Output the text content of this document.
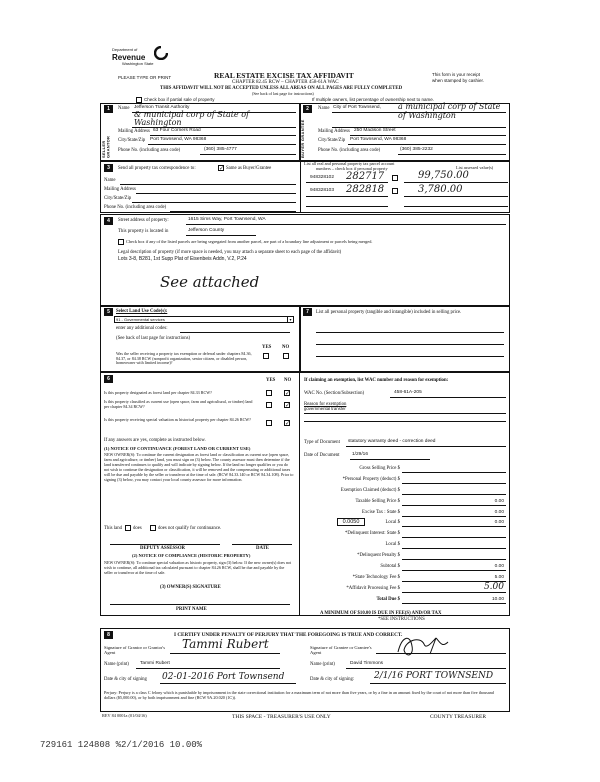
Department of
Revenue
Washington State
PLEASE TYPE OR PRINT	REAL ESTATE EXCISE TAX AFFIDAVIT
CHAPTER 82.45 RCW – CHAPTER 458-61A WAC
THIS AFFIDAVIT WILL NOT BE ACCEPTED UNLESS ALL AREAS ON ALL PAGES ARE FULLY COMPLETED
(See back of last page for instructions)
This form is your receipt
when stamped by cashier.
Check box if partial sale of property	If multiple owners, list percentage of ownership next to name.
1
SELLER GRANTOR
Name Jefferson Transit Authority
& municipal corp of State of Washington
Mailing Address 63 Four Corners Road
City/State/Zip Port Townsend, WA 98368
Phone No. (including area code)	(360) 385-4777
2
BUYER GRANTEE
Name City of Port Townsend, a municipal corp of State of Washington
Mailing Address 250 Madison Street
City/State/Zip Port Townsend, WA 98368
Phone No. (including area code)	(360) 385-2232
3	Send all property tax correspondence to:	✓ Same as Buyer/Grantee
Name
Mailing Address
City/State/Zip
Phone No. (including area code)
List all real and personal property tax parcel account
numbers – check box if personal property	List assessed value(s)
948328102 282717	99,750.00
948328103 282818	3,780.00
4	Street address of property:	1615 Sims Way, Port Townsend, WA
This property is located in	Jefferson County
Check box if any of the listed parcels are being segregated from another parcel, are part of a boundary line adjustment or parcels being merged.
Legal description of property (if more space is needed, you may attach a separate sheet to each page of the affidavit)
Lots 3-8, B281, 1st Supp Plat of Eisenbeis Addn, V.2, P.24
See attached
5	Select Land Use Code(s):
91 - Governmental services	▾
enter any additional codes:
(See back of last page for instructions)
YES NO
Was the seller receiving a property tax exemption or deferral under chapters 84.36, 84.37, or 84.38 RCW (nonprofit organization, senior citizen, or disabled person, homeowner with limited income)?
7	List all personal property (tangible and intangible) included in selling price.
6	YES NO
Is this property designated as forest land per chapter 84.33 RCW?	✓
Is this property classified as current use (open space, farm and agricultural, or timber) land per chapter 84.34 RCW?	✓
Is this property receiving special valuation as historical property per chapter 84.26 RCW?
✓
If any answers are yes, complete as instructed below.
(1) NOTICE OF CONTINUANCE (FOREST LAND OR CURRENT USE)
NEW OWNER(S): To continue the current designation as forest land or classification as current use (open space, farm and agriculture, or timber) land, you must sign on (3) below. The county assessor must then determine if the land transferred continues to qualify and will indicate by signing below. If the land no longer qualifies or you do not wish to continue the designation or classification, it will be removed and the compensating or additional taxes will be due and payable by the seller or transferor at the time of sale. (RCW 84.33.140 or RCW 84.34.108). Prior to signing (3) below, you may contact your local county assessor for more information.
This land does	does not qualify for continuance.
DEPUTY ASSESSOR	DATE
(2) NOTICE OF COMPLIANCE (HISTORIC PROPERTY)
NEW OWNER(S): To continue special valuation as historic property, sign (3) below. If the new owner(s) does not wish to continue, all additional tax calculated pursuant to chapter 84.26 RCW, shall be due and payable by the seller or transferor at the time of sale.
(3) OWNER(S) SIGNATURE
PRINT NAME
If claiming an exemption, list WAC number and reason for exemption:
WAC No. (Section/Subsection)	458-61A-205
Reason for exemption
governmental transfer
Type of Document statutory warranty deed - correction deed
Date of Document	1/29/16
Gross Selling Price $
*Personal Property (deduct) $
Exemption Claimed (deduct) $
Taxable Selling Price $	0.00
Excise Tax : State $	0.00
0.0050	Local $	0.00
*Delinquent Interest: State $
Local $
*Delinquent Penalty $
Subtotal $	0.00
*State Technology Fee $	5.00
*Affidavit Processing Fee $	5.00
Total Due $	10.00
A MINIMUM OF $10.00 IS DUE IN FEE(S) AND/OR TAX
*SEE INSTRUCTIONS
8	I CERTIFY UNDER PENALTY OF PERJURY THAT THE FOREGOING IS TRUE AND CORRECT.
Signature of Grantor or Grantor's Agent
Tammi Rubert
Name (print) Tammi Rubert
Date & city of signing 02-01-2016 Port Townsend
Signature of Grantee or Grantee's Agent
Name (print)	David Timmons
Date & city of signing: 2/1/16 PORT TOWNSEND
Perjury: Perjury is a class C felony which is punishable by imprisonment in the state correctional institution for a maximum term of not more than five years, or by a fine in an amount fixed by the court of not more than five thousand dollars ($5,000.00), or by both imprisonment and fine (RCW 9A.20.020 (1C)).
REV 84 0001a (01/04/16)	THIS SPACE - TREASURER'S USE ONLY	COUNTY TREASURER
729161 124808 %2/1/2016 10.00%
